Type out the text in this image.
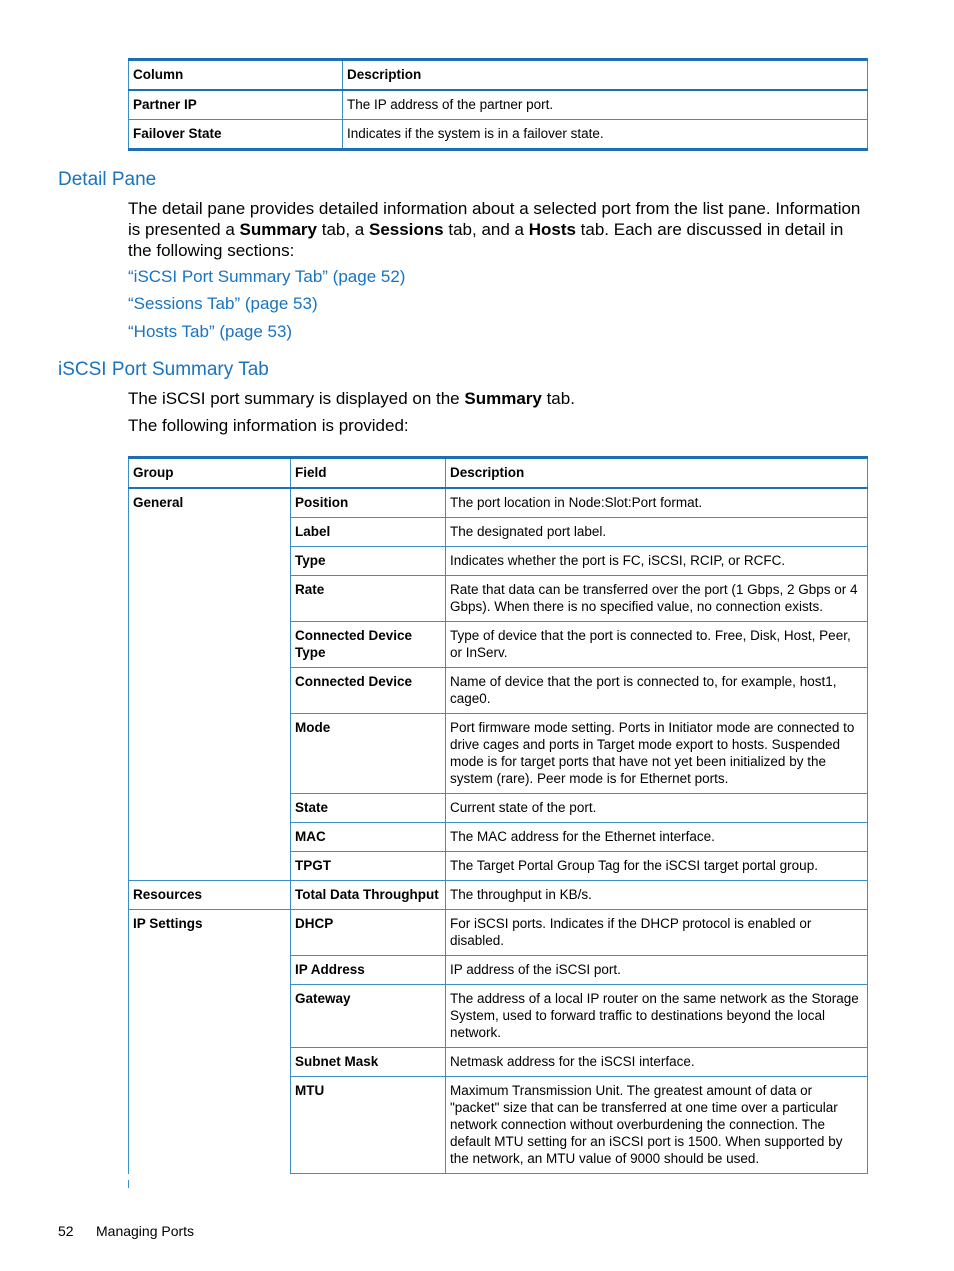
Column	Description
Partner IP	The IP address of the partner port.
Failover State	Indicates if the system is in a failover state.
Detail Pane

The detail pane provides detailed information about a selected port from the list pane. Information is presented a Summary tab, a Sessions tab, and a Hosts tab. Each are discussed in detail in the following sections:

“iSCSI Port Summary Tab” (page 52)
“Sessions Tab” (page 53)
“Hosts Tab” (page 53)
iSCSI Port Summary Tab

The iSCSI port summary is displayed on the Summary tab.

The following information is provided:

Group	Field	Description
General	Position	The port location in Node:Slot:Port format.
	Label	The designated port label.
	Type	Indicates whether the port is FC, iSCSI, RCIP, or RCFC.
	Rate	Rate that data can be transferred over the port (1 Gbps, 2 Gbps or 4 Gbps). When there is no specified value, no connection exists.
	Connected Device Type	Type of device that the port is connected to. Free, Disk, Host, Peer, or InServ.
	Connected Device	Name of device that the port is connected to, for example, host1, cage0.
	Mode	Port firmware mode setting. Ports in Initiator mode are connected to drive cages and ports in Target mode export to hosts. Suspended mode is for target ports that have not yet been initialized by the system (rare). Peer mode is for Ethernet ports.
	State	Current state of the port.
	MAC	The MAC address for the Ethernet interface.
	TPGT	The Target Portal Group Tag for the iSCSI target portal group.
Resources	Total Data Throughput	The throughput in KB/s.
IP Settings	DHCP	For iSCSI ports. Indicates if the DHCP protocol is enabled or disabled.
	IP Address	IP address of the iSCSI port.
	Gateway	The address of a local IP router on the same network as the Storage System, used to forward traffic to destinations beyond the local network.
	Subnet Mask	Netmask address for the iSCSI interface.
	MTU	Maximum Transmission Unit. The greatest amount of data or "packet" size that can be transferred at one time over a particular network connection without overburdening the connection. The default MTU setting for an iSCSI port is 1500. When supported by the network, an MTU value of 9000 should be used.
52 Managing Ports
